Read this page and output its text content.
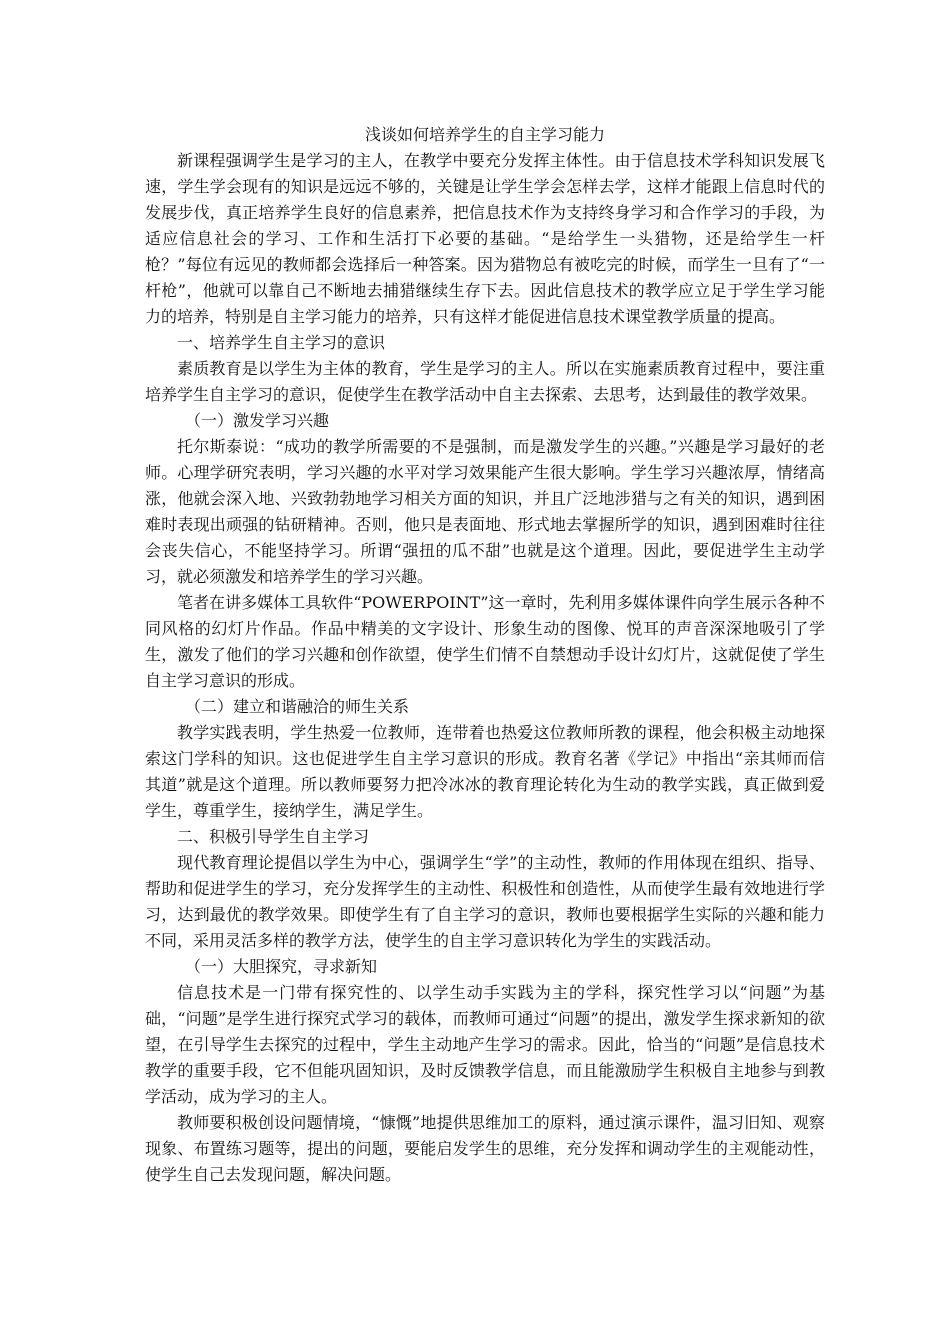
浅谈如何培养学生的自主学习能力

新课程强调学生是学习的主人，在教学中要充分发挥主体性。由于信息技术学科知识发展飞速，学生学会现有的知识是远远不够的，关键是让学生学会怎样去学，这样才能跟上信息时代的发展步伐，真正培养学生良好的信息素养，把信息技术作为支持终身学习和合作学习的手段，为适应信息社会的学习、工作和生活打下必要的基础。“是给学生一头猎物，还是给学生一杆枪？”每位有远见的教师都会选择后一种答案。因为猎物总有被吃完的时候，而学生一旦有了“一杆枪”，他就可以靠自己不断地去捕猎继续生存下去。因此信息技术的教学应立足于学生学习能力的培养，特别是自主学习能力的培养，只有这样才能促进信息技术课堂教学质量的提高。

一、培养学生自主学习的意识

素质教育是以学生为主体的教育，学生是学习的主人。所以在实施素质教育过程中，要注重培养学生自主学习的意识，促使学生在教学活动中自主去探索、去思考，达到最佳的教学效果。

（一）激发学习兴趣

托尔斯泰说：“成功的教学所需要的不是强制，而是激发学生的兴趣。”兴趣是学习最好的老师。心理学研究表明，学习兴趣的水平对学习效果能产生很大影响。学生学习兴趣浓厚，情绪高涨，他就会深入地、兴致勃勃地学习相关方面的知识，并且广泛地涉猎与之有关的知识，遇到困难时表现出顽强的钻研精神。否则，他只是表面地、形式地去掌握所学的知识，遇到困难时往往会丧失信心，不能坚持学习。所谓“强扭的瓜不甜”也就是这个道理。因此，要促进学生主动学习，就必须激发和培养学生的学习兴趣。

笔者在讲多媒体工具软件“POWERPOINT”这一章时，先利用多媒体课件向学生展示各种不同风格的幻灯片作品。作品中精美的文字设计、形象生动的图像、悦耳的声音深深地吸引了学生，激发了他们的学习兴趣和创作欲望，使学生们情不自禁想动手设计幻灯片，这就促使了学生自主学习意识的形成。

（二）建立和谐融洽的师生关系

教学实践表明，学生热爱一位教师，连带着也热爱这位教师所教的课程，他会积极主动地探索这门学科的知识。这也促进学生自主学习意识的形成。教育名著《学记》中指出“亲其师而信其道”就是这个道理。所以教师要努力把冷冰冰的教育理论转化为生动的教学实践，真正做到爱学生，尊重学生，接纳学生，满足学生。

二、积极引导学生自主学习

现代教育理论提倡以学生为中心，强调学生“学”的主动性，教师的作用体现在组织、指导、帮助和促进学生的学习，充分发挥学生的主动性、积极性和创造性，从而使学生最有效地进行学习，达到最优的教学效果。即使学生有了自主学习的意识，教师也要根据学生实际的兴趣和能力不同，采用灵活多样的教学方法，使学生的自主学习意识转化为学生的实践活动。

（一）大胆探究，寻求新知

信息技术是一门带有探究性的、以学生动手实践为主的学科，探究性学习以“问题”为基础，“问题”是学生进行探究式学习的载体，而教师可通过“问题”的提出，激发学生探求新知的欲望，在引导学生去探究的过程中，学生主动地产生学习的需求。因此，恰当的“问题”是信息技术教学的重要手段，它不但能巩固知识，及时反馈教学信息，而且能激励学生积极自主地参与到教学活动，成为学习的主人。

教师要积极创设问题情境，“慷慨”地提供思维加工的原料，通过演示课件，温习旧知、观察现象、布置练习题等，提出的问题，要能启发学生的思维，充分发挥和调动学生的主观能动性，使学生自己去发现问题，解决问题。
